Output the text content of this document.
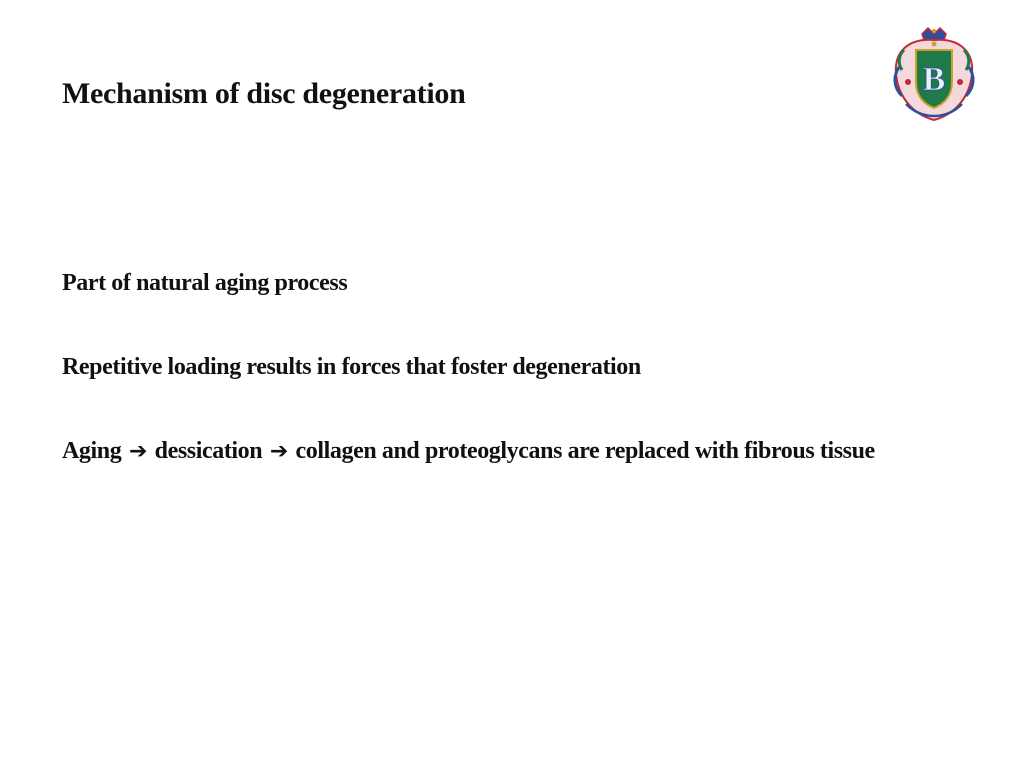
Mechanism of disc degeneration	B

Part of natural aging process

Repetitive loading results in forces that foster degeneration

Aging ➔ dessication ➔ collagen and proteoglycans are replaced with fibrous tissue
